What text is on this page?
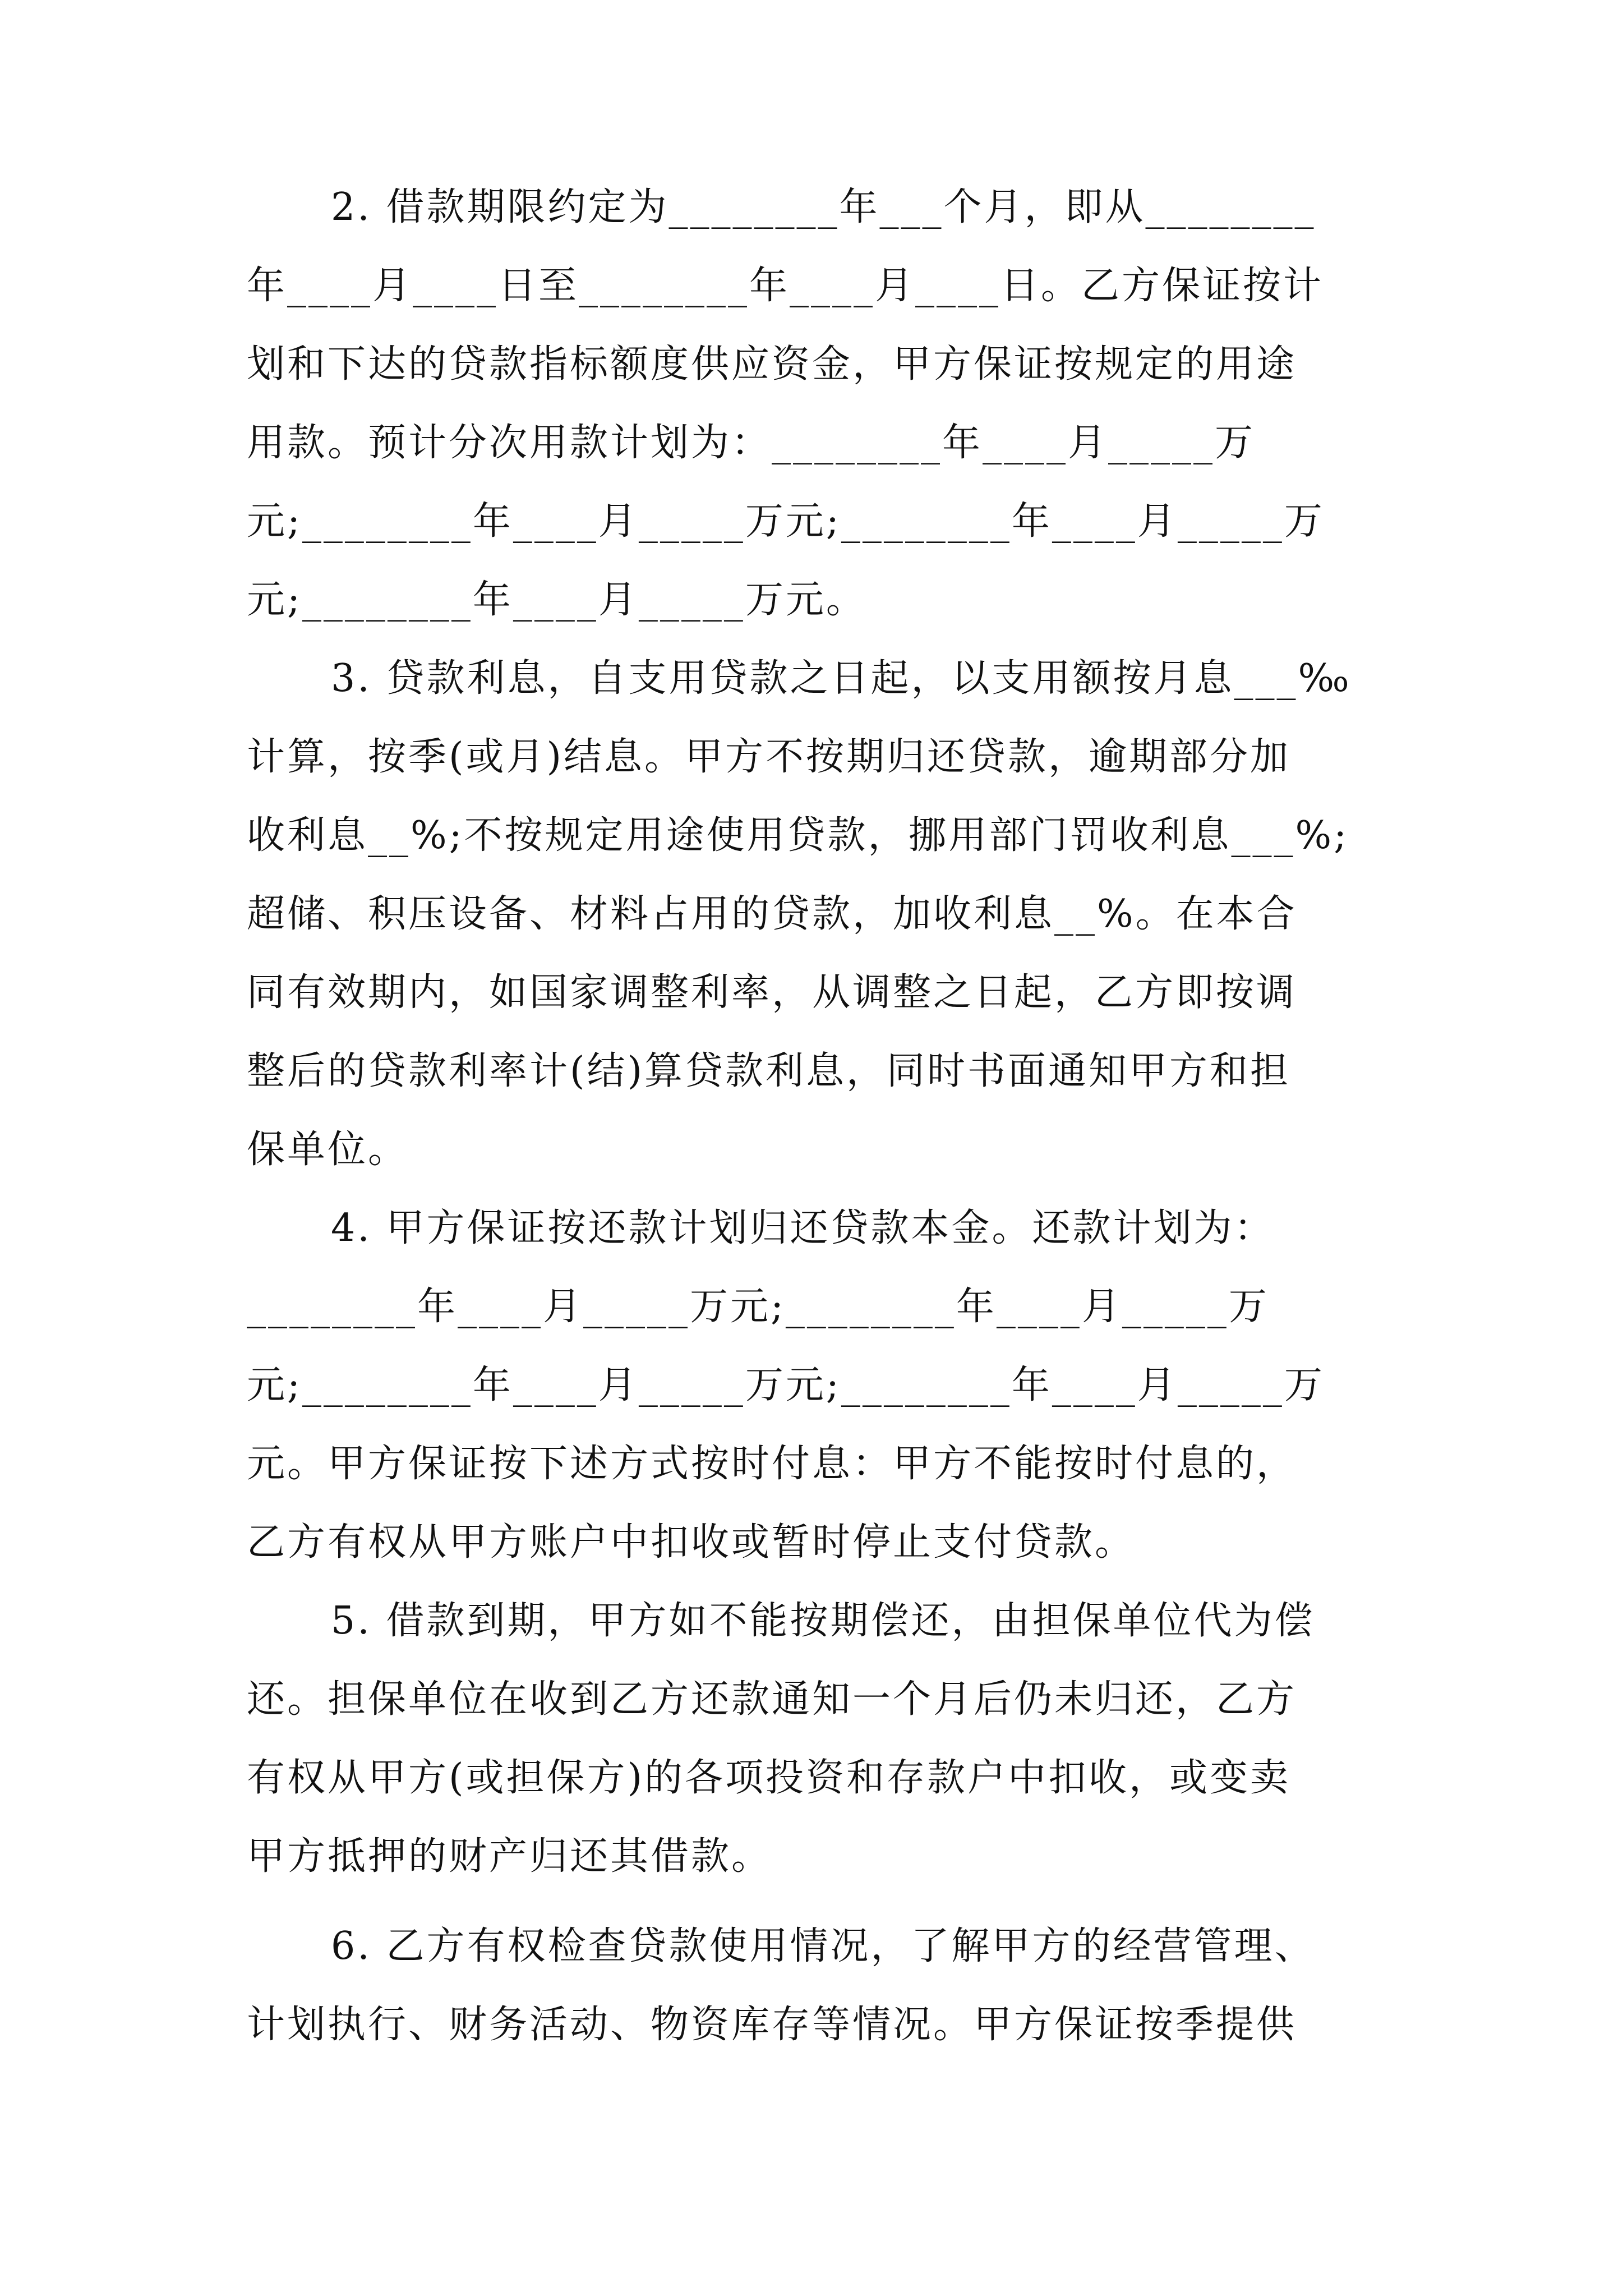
2. 借款期限约定为________年___个月，即从________
年____月____日至________年____月____日。乙方保证按计
划和下达的贷款指标额度供应资金，甲方保证按规定的用途
用款。预计分次用款计划为：________年____月_____万
元;________年____月_____万元;________年____月_____万
元;________年____月_____万元。
3. 贷款利息，自支用贷款之日起，以支用额按月息___‰
计算，按季(或月)结息。甲方不按期归还贷款，逾期部分加
收利息__%;不按规定用途使用贷款，挪用部门罚收利息___%;
超储、积压设备、材料占用的贷款，加收利息__%。在本合
同有效期内，如国家调整利率，从调整之日起，乙方即按调
整后的贷款利率计(结)算贷款利息，同时书面通知甲方和担
保单位。
4. 甲方保证按还款计划归还贷款本金。还款计划为：
________年____月_____万元;________年____月_____万
元;________年____月_____万元;________年____月_____万
元。甲方保证按下述方式按时付息：甲方不能按时付息的，
乙方有权从甲方账户中扣收或暂时停止支付贷款。
5. 借款到期，甲方如不能按期偿还，由担保单位代为偿
还。担保单位在收到乙方还款通知一个月后仍未归还，乙方
有权从甲方(或担保方)的各项投资和存款户中扣收，或变卖
甲方抵押的财产归还其借款。
6. 乙方有权检查贷款使用情况，了解甲方的经营管理、
计划执行、财务活动、物资库存等情况。甲方保证按季提供
